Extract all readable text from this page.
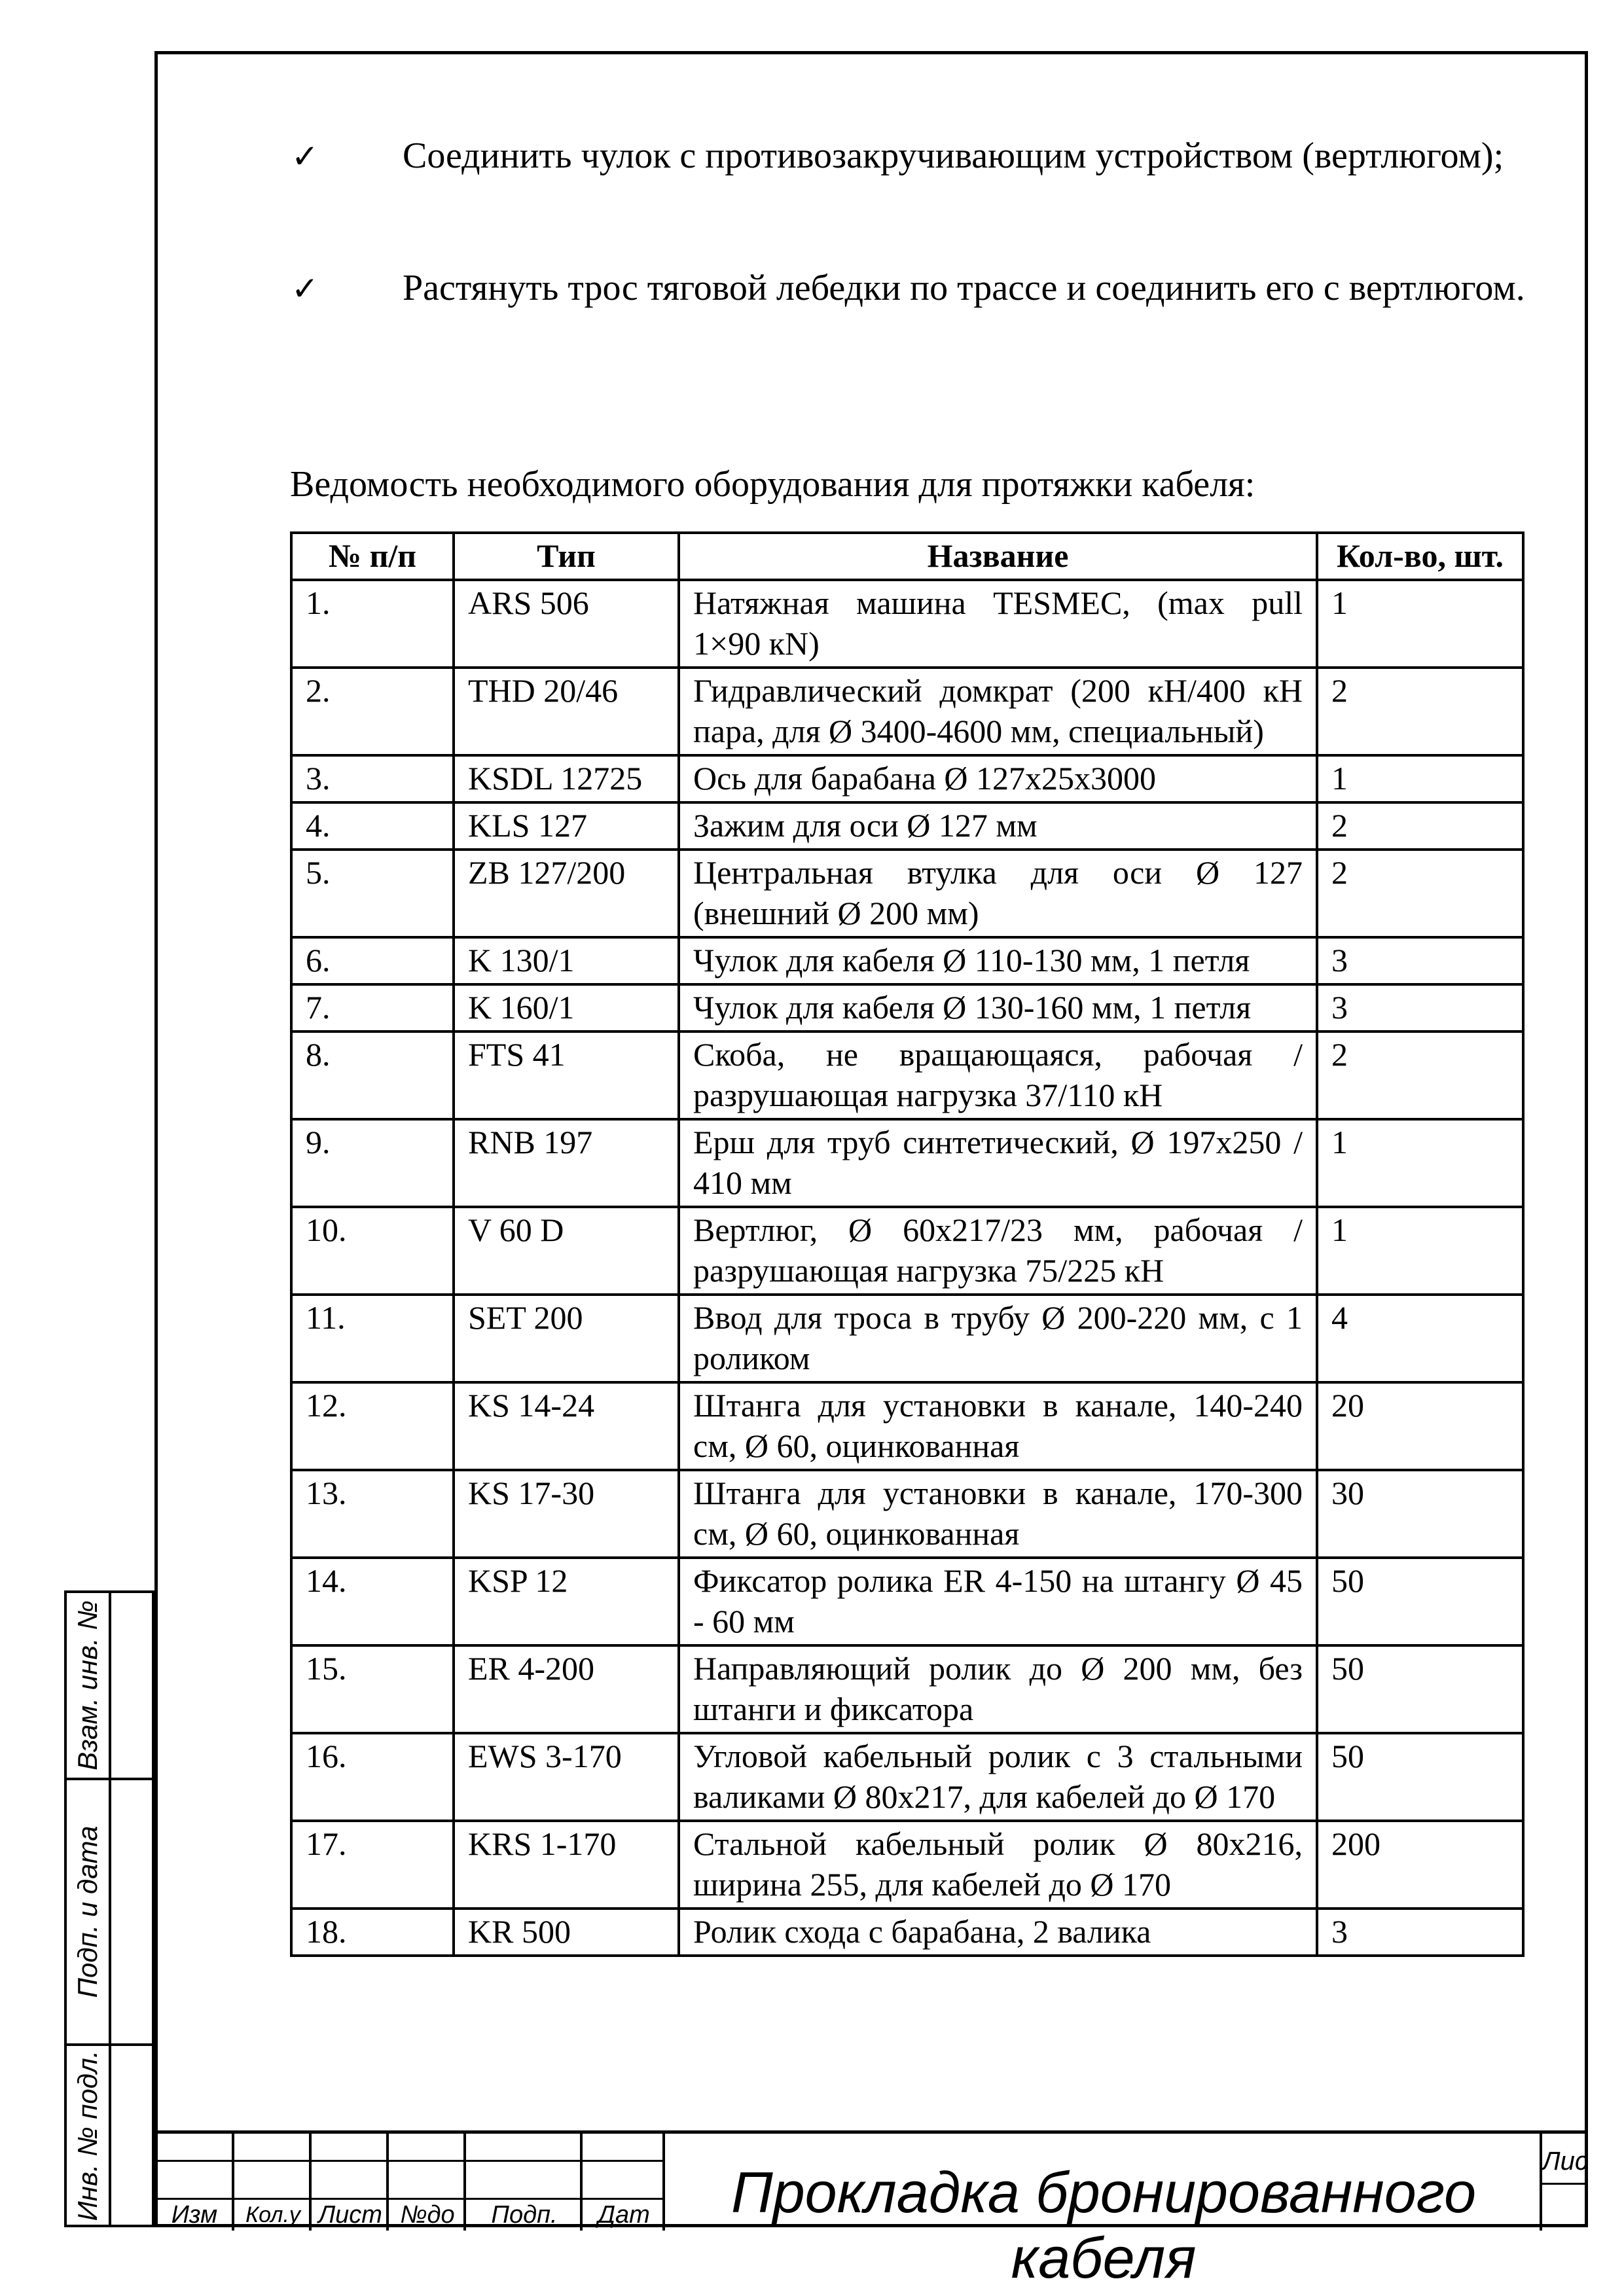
✓ Соединить чулок с противозакручивающим устройством (вертлюгом);
✓ Растянуть трос тяговой лебедки по трассе и соединить его с вертлюгом.
Ведомость необходимого оборудования для протяжки кабеля:
№ п/п	Тип	Название	Кол-во, шт.
1.	ARS 506	Натяжная машина TESMEC, (max pull 1×90 кN)	1
2.	THD 20/46	Гидравлический домкрат (200 кН/400 кН пара, для Ø 3400-4600 мм, специальный)	2
3.	KSDL 12725	Ось для барабана Ø 127x25x3000	1
4.	KLS 127	Зажим для оси Ø 127 мм	2
5.	ZB 127/200	Центральная втулка для оси Ø 127 (внешний Ø 200 мм)	2
6.	K 130/1	Чулок для кабеля Ø 110-130 мм, 1 петля	3
7.	K 160/1	Чулок для кабеля Ø 130-160 мм, 1 петля	3
8.	FTS 41	Скоба, не вращающаяся, рабочая / разрушающая нагрузка 37/110 кН	2
9.	RNB 197	Ерш для труб синтетический, Ø 197x250 / 410 мм	1
10.	V 60 D	Вертлюг, Ø 60x217/23 мм, рабочая / разрушающая нагрузка 75/225 кН	1
11.	SET 200	Ввод для троса в трубу Ø 200-220 мм, с 1 роликом	4
12.	KS 14-24	Штанга для установки в канале, 140-240 см, Ø 60, оцинкованная	20
13.	KS 17-30	Штанга для установки в канале, 170-300 см, Ø 60, оцинкованная	30
14.	KSP 12	Фиксатор ролика ER 4-150 на штангу Ø 45 - 60 мм	50
15.	ER 4-200	Направляющий ролик до Ø 200 мм, без штанги и фиксатора	50
16.	EWS 3-170	Угловой кабельный ролик с 3 стальными валиками Ø 80x217, для кабелей до Ø 170	50
17.	KRS 1-170	Стальной кабельный ролик Ø 80x216, ширина 255, для кабелей до Ø 170	200
18.	KR 500	Ролик схода с барабана, 2 валика	3
Взам. инв. №
Подп. и дата
Инв. № подл.	Изм	Кол.у Лист №до	Подп.	Дат	Прокладка бронированного кабеля
Лис
